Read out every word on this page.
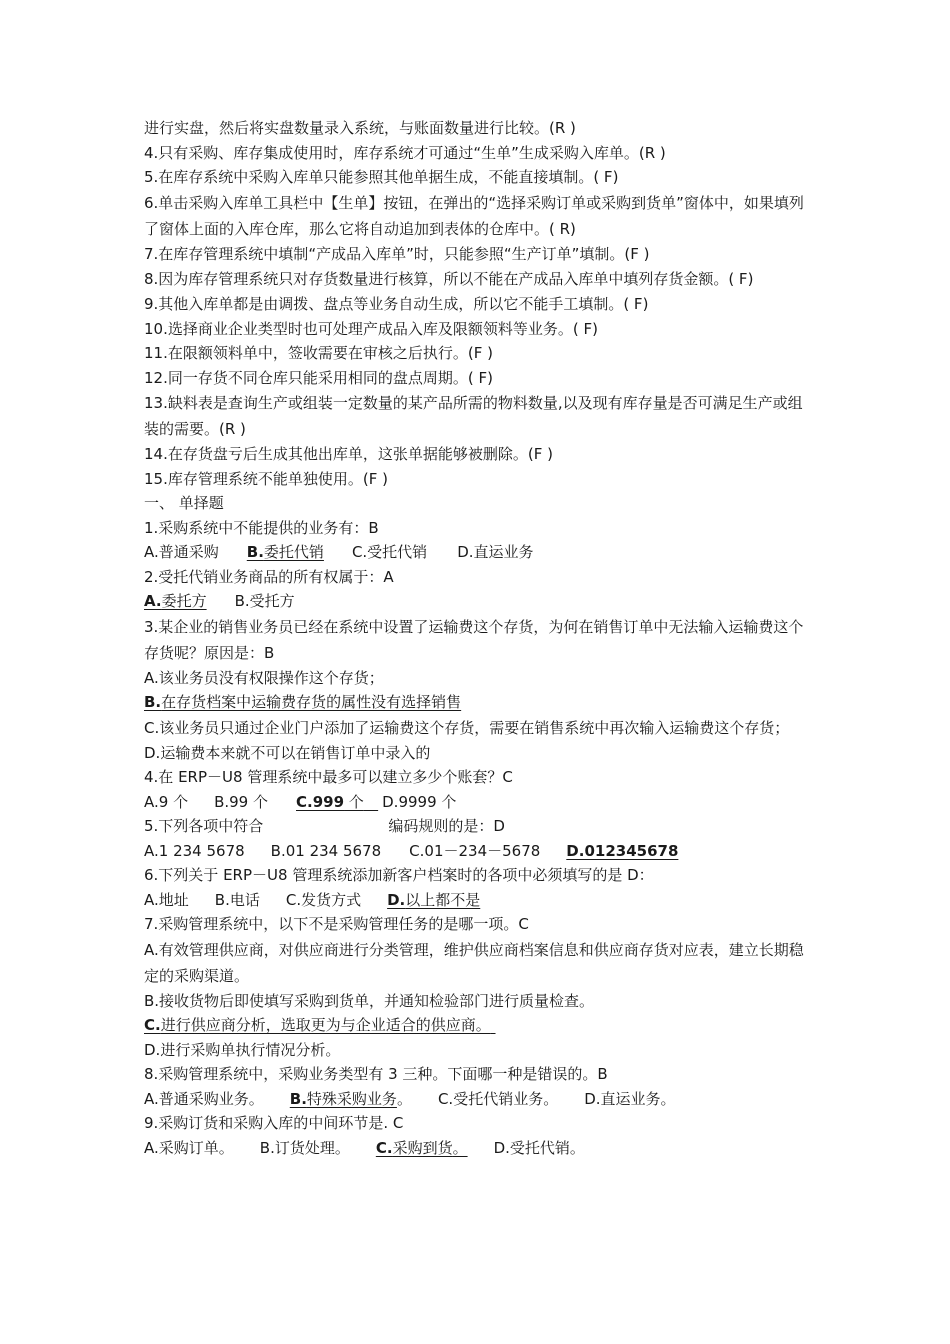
进行实盘，然后将实盘数量录入系统，与账面数量进行比较。(R )
4.只有采购、库存集成使用时，库存系统才可通过“生单”生成采购入库单。(R )
5.在库存系统中采购入库单只能参照其他单据生成，不能直接填制。( F)
6.单击采购入库单工具栏中【生单】按钮，在弹出的“选择采购订单或采购到货单”窗体中，如果填列了窗体上面的入库仓库，那么它将自动追加到表体的仓库中。( R)
7.在库存管理系统中填制“产成品入库单”时，只能参照“生产订单”填制。(F )
8.因为库存管理系统只对存货数量进行核算，所以不能在产成品入库单中填列存货金额。( F)
9.其他入库单都是由调拨、盘点等业务自动生成，所以它不能手工填制。( F)
10.选择商业企业类型时也可处理产成品入库及限额领料等业务。( F)
11.在限额领料单中，签收需要在审核之后执行。(F )
12.同一存货不同仓库只能采用相同的盘点周期。( F)
13.缺料表是查询生产或组装一定数量的某产品所需的物料数量,以及现有库存量是否可满足生产或组装的需要。(R )
14.在存货盘亏后生成其他出库单，这张单据能够被删除。(F )
15.库存管理系统不能单独使用。(F )
一、 单择题
1.采购系统中不能提供的业务有：B
A.普通采购 B.委托代销 C.受托代销 D.直运业务
2.受托代销业务商品的所有权属于：A
A.委托方 B.受托方
3.某企业的销售业务员已经在系统中设置了运输费这个存货，为何在销售订单中无法输入运输费这个存货呢？原因是：B
A.该业务员没有权限操作这个存货；
B.在存货档案中运输费存货的属性没有选择销售
C.该业务员只通过企业门户添加了运输费这个存货，需要在销售系统中再次输入运输费这个存货；
D.运输费本来就不可以在销售订单中录入的
4.在 ERP－U8 管理系统中最多可以建立多少个账套？C
A.9 个 B.99 个 C.999 个 D.9999 个
5.下列各项中符合	编码规则的是：D
A.1 234 5678 B.01 234 5678 C.01－234－5678 D.012345678
6.下列关于 ERP－U8 管理系统添加新客户档案时的各项中必须填写的是 D：
A.地址 B.电话 C.发货方式 D.以上都不是
7.采购管理系统中，以下不是采购管理任务的是哪一项。C
A.有效管理供应商，对供应商进行分类管理，维护供应商档案信息和供应商存货对应表，建立长期稳定的采购渠道。
B.接收货物后即使填写采购到货单，并通知检验部门进行质量检查。
C.进行供应商分析，选取更为与企业适合的供应商。
D.进行采购单执行情况分析。
8.采购管理系统中，采购业务类型有 3 三种。下面哪一种是错误的。B
A.普通采购业务。 B.特殊采购业务。 C.受托代销业务。 D.直运业务。
9.采购订货和采购入库的中间环节是. C
A.采购订单。 B.订货处理。 C.采购到货。 D.受托代销。
